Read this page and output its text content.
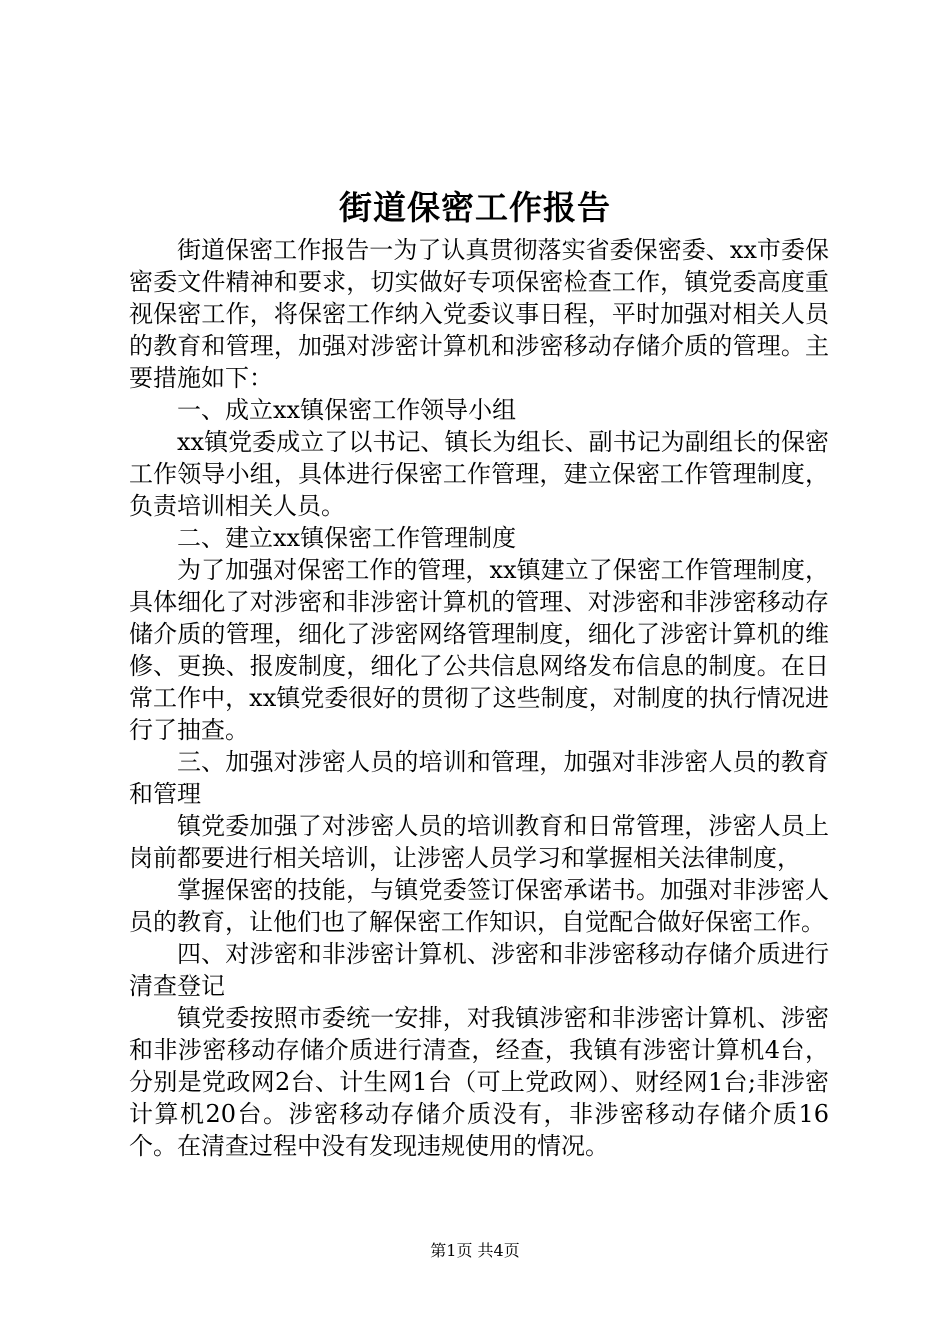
街道保密工作报告

街道保密工作报告一为了认真贯彻落实省委保密委、xx市委保密委文件精神和要求，切实做好专项保密检查工作，镇党委高度重视保密工作，将保密工作纳入党委议事日程，平时加强对相关人员的教育和管理，加强对涉密计算机和涉密移动存储介质的管理。主要措施如下：

一、成立xx镇保密工作领导小组

xx镇党委成立了以书记、镇长为组长、副书记为副组长的保密工作领导小组，具体进行保密工作管理，建立保密工作管理制度，负责培训相关人员。

二、建立xx镇保密工作管理制度

为了加强对保密工作的管理，xx镇建立了保密工作管理制度，具体细化了对涉密和非涉密计算机的管理、对涉密和非涉密移动存储介质的管理，细化了涉密网络管理制度，细化了涉密计算机的维修、更换、报废制度，细化了公共信息网络发布信息的制度。在日常工作中，xx镇党委很好的贯彻了这些制度，对制度的执行情况进行了抽查。

三、加强对涉密人员的培训和管理，加强对非涉密人员的教育和管理

镇党委加强了对涉密人员的培训教育和日常管理，涉密人员上岗前都要进行相关培训，让涉密人员学习和掌握相关法律制度，

掌握保密的技能，与镇党委签订保密承诺书。加强对非涉密人员的教育，让他们也了解保密工作知识，自觉配合做好保密工作。

四、对涉密和非涉密计算机、涉密和非涉密移动存储介质进行清查登记

镇党委按照市委统一安排，对我镇涉密和非涉密计算机、涉密和非涉密移动存储介质进行清查，经查，我镇有涉密计算机4台，分别是党政网2台、计生网1台（可上党政网）、财经网1台;非涉密计算机20台。涉密移动存储介质没有，非涉密移动存储介质16个。在清查过程中没有发现违规使用的情况。

第1页 共4页
